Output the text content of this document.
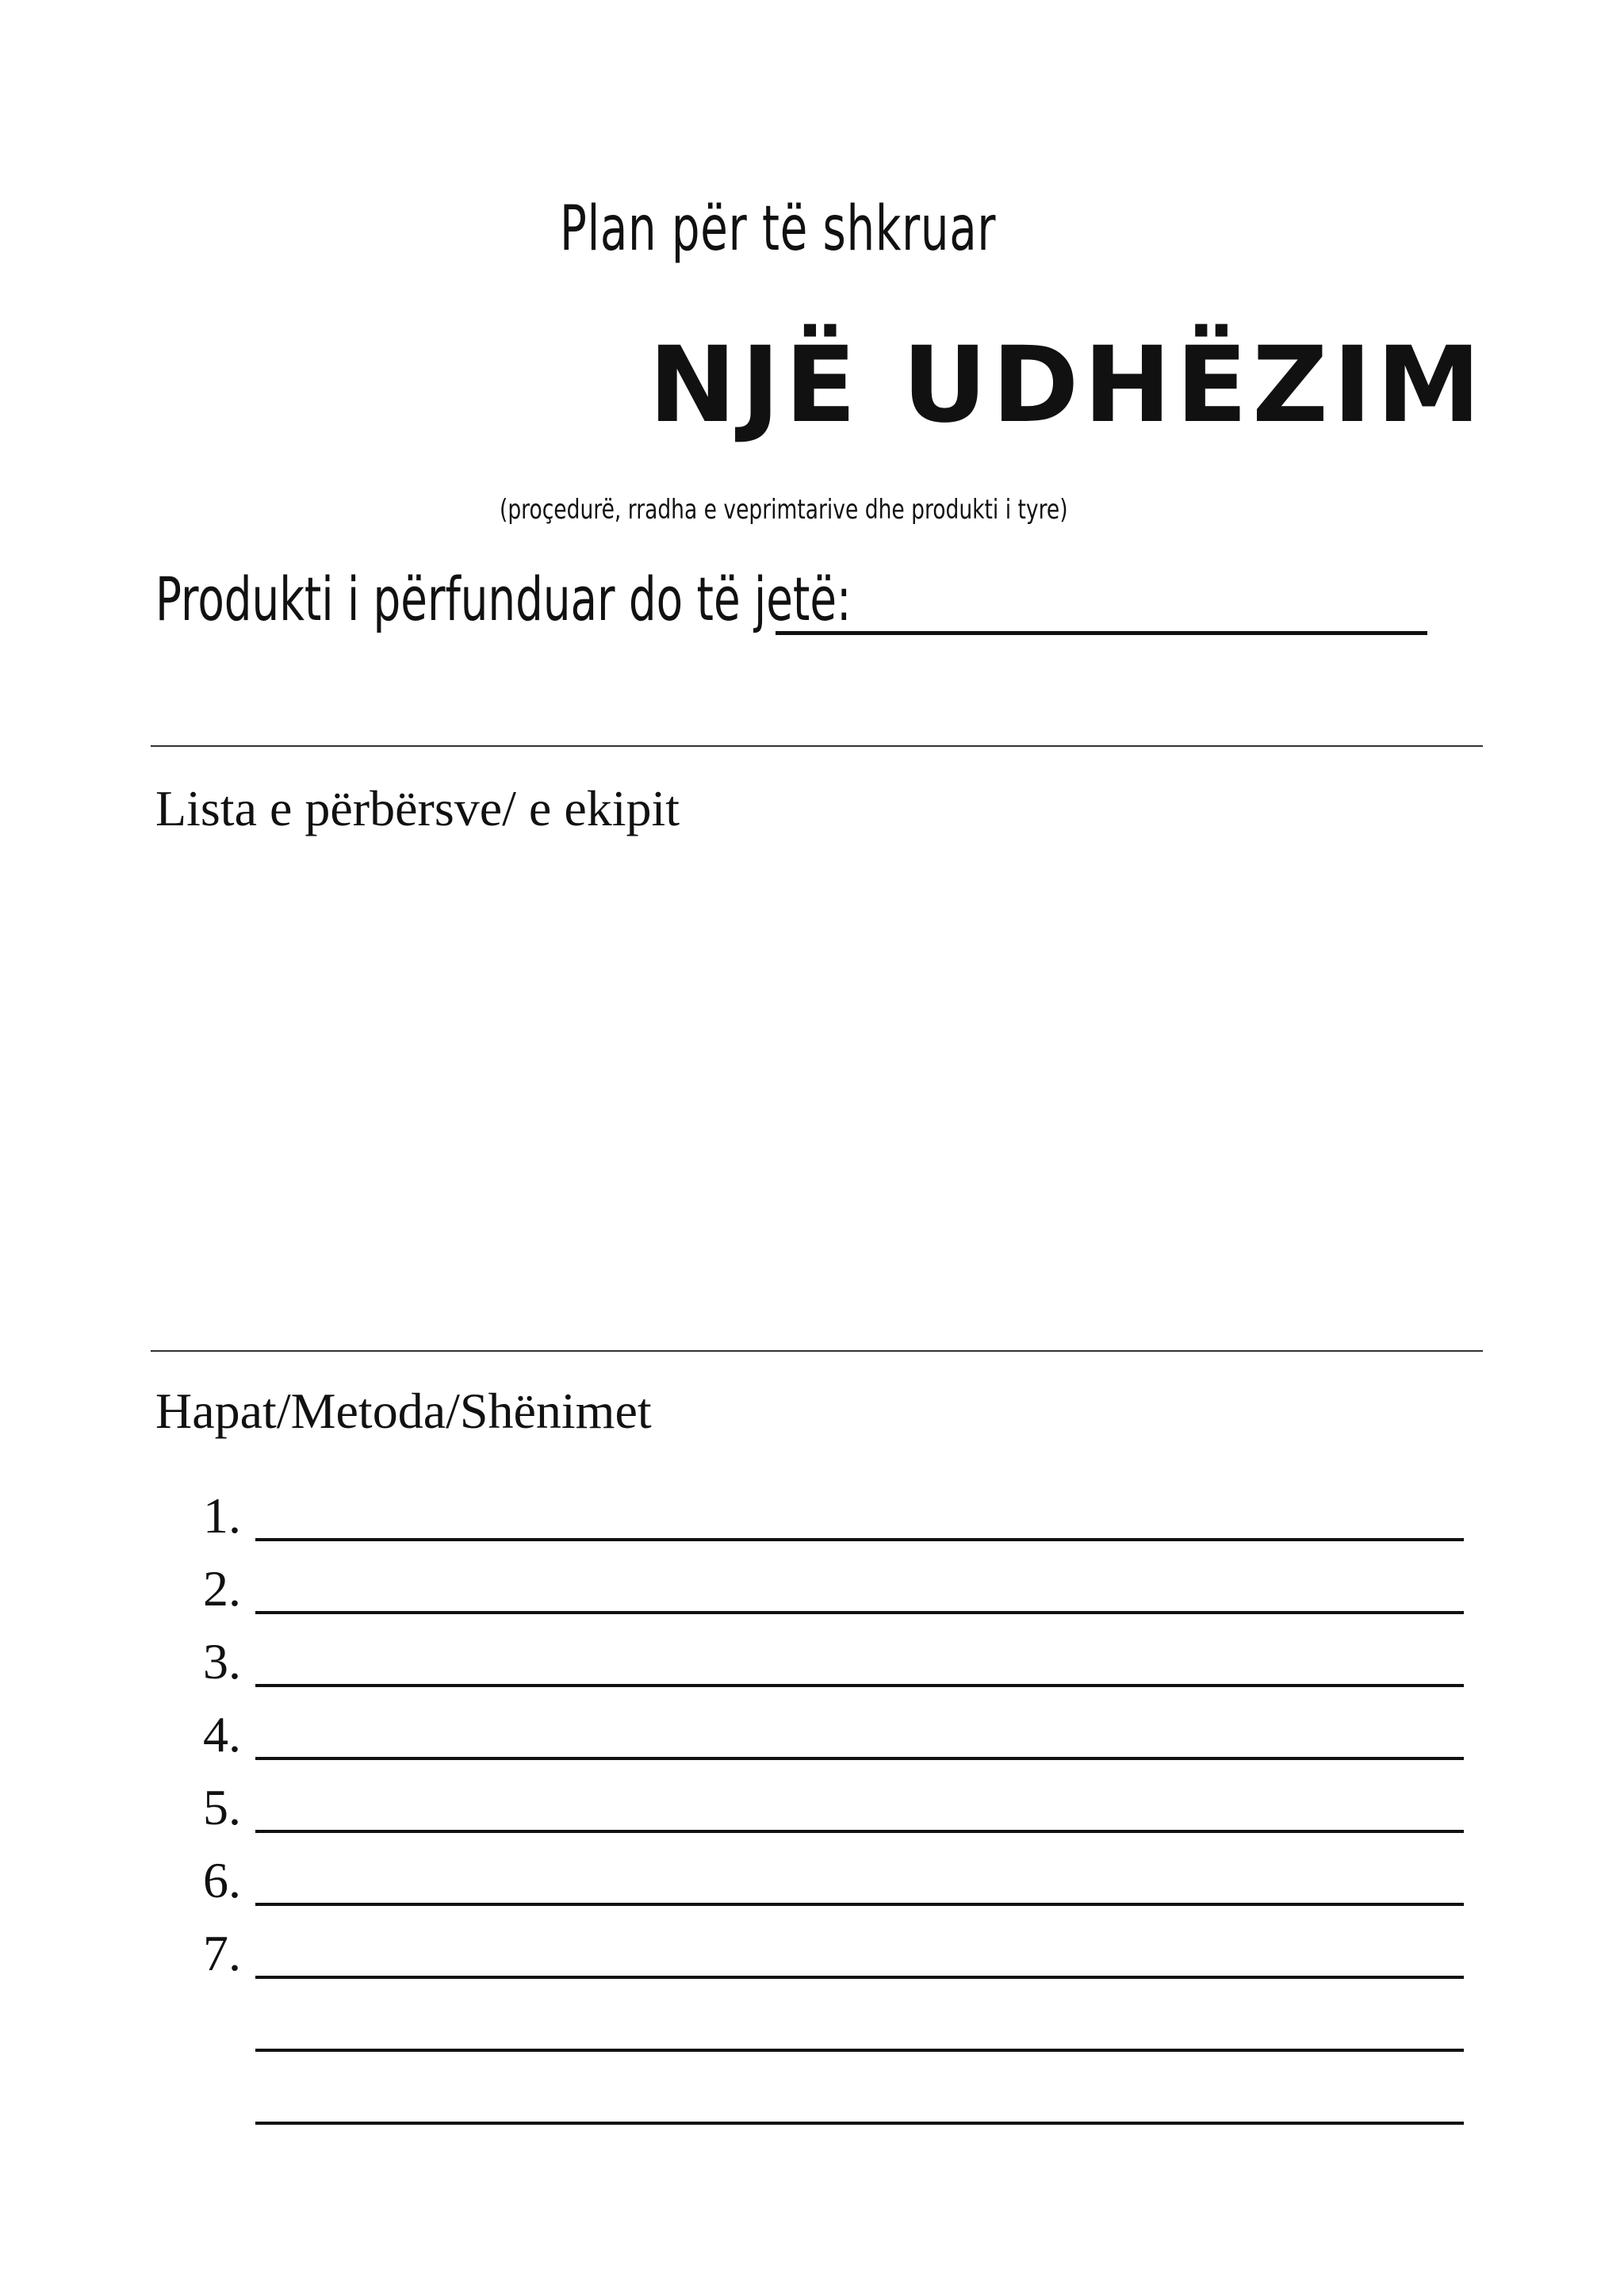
Plan për të shkruar
NJË UDHËZIM
(proçedurë, rradha e veprimtarive dhe produkti i tyre)
Produkti i përfunduar do të jetë:
Lista e përbërsve/ e ekipit
Hapat/Metoda/Shënimet
1.
2.
3.
4.
5.
6.
7.
